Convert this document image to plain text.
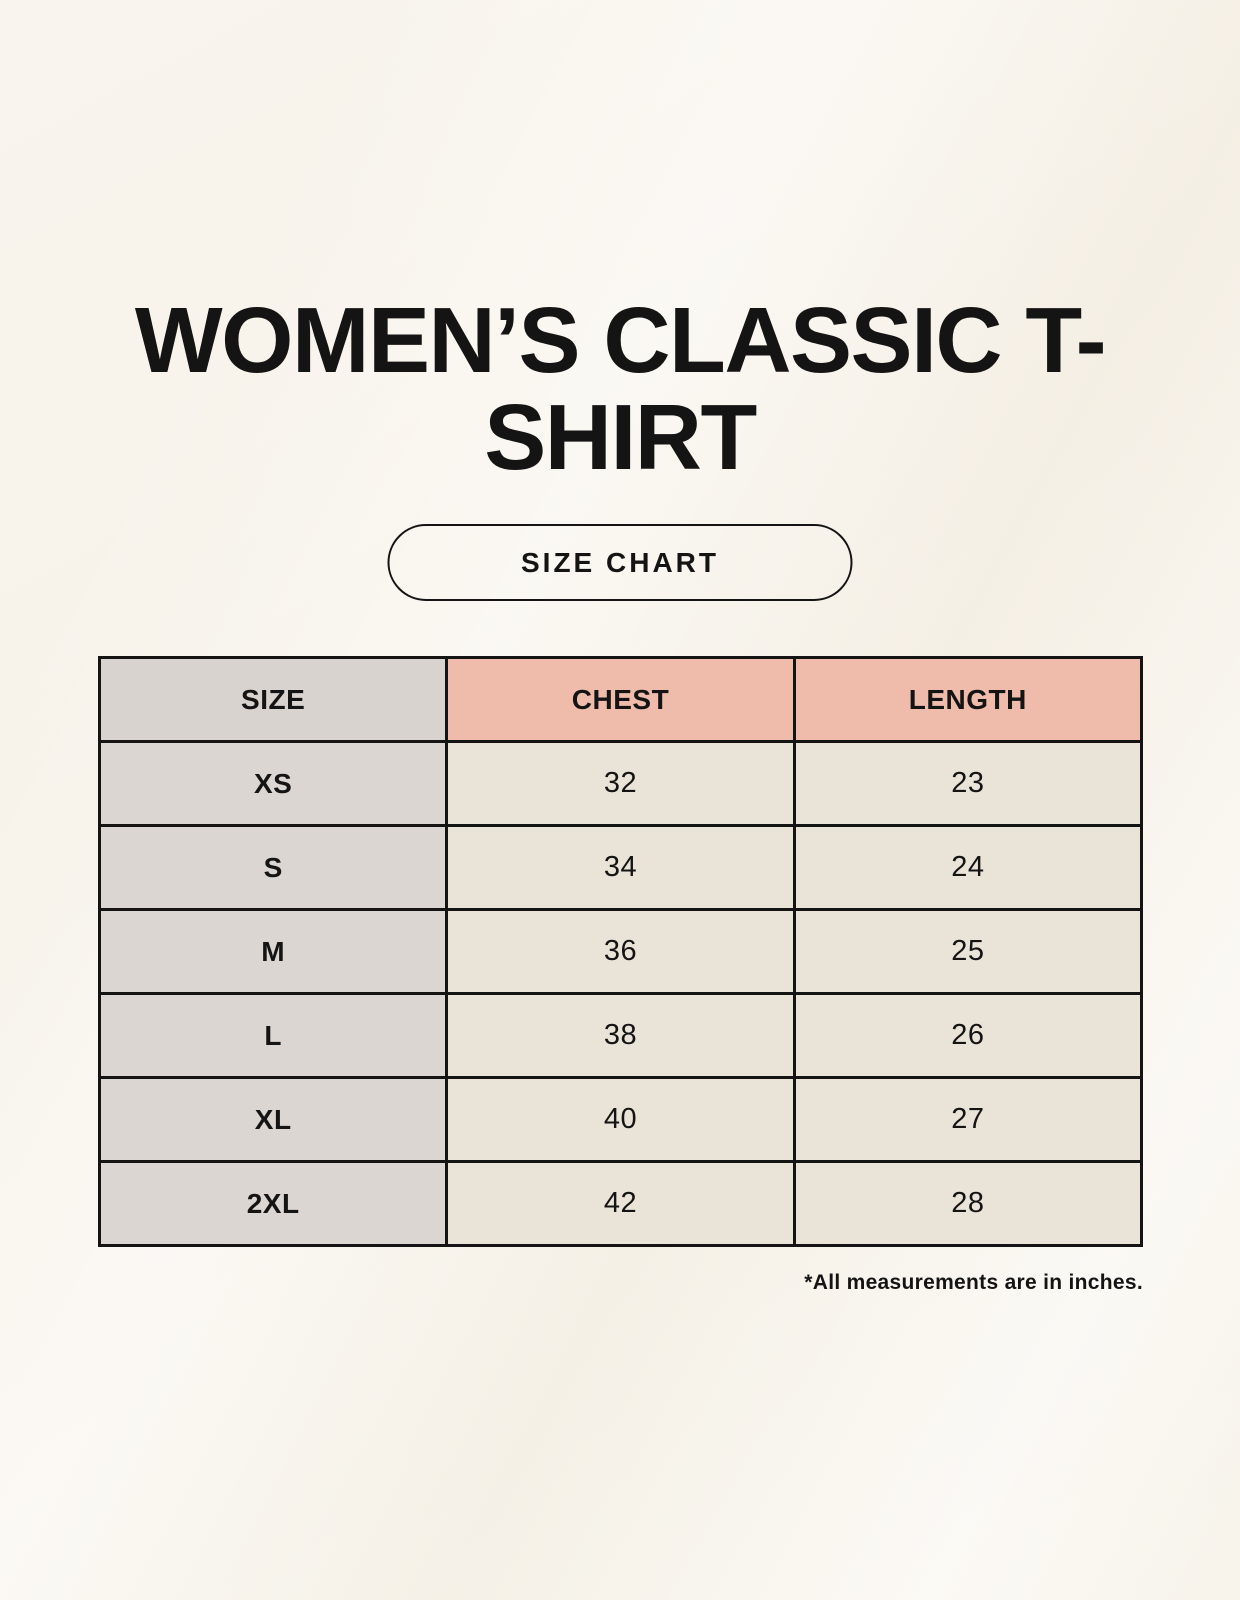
WOMEN’S CLASSIC T-SHIRT
SIZE CHART
SIZE	CHEST	LENGTH
XS	32	23
S	34	24
M	36	25
L	38	26
XL	40	27
2XL	42	28
*All measurements are in inches.
